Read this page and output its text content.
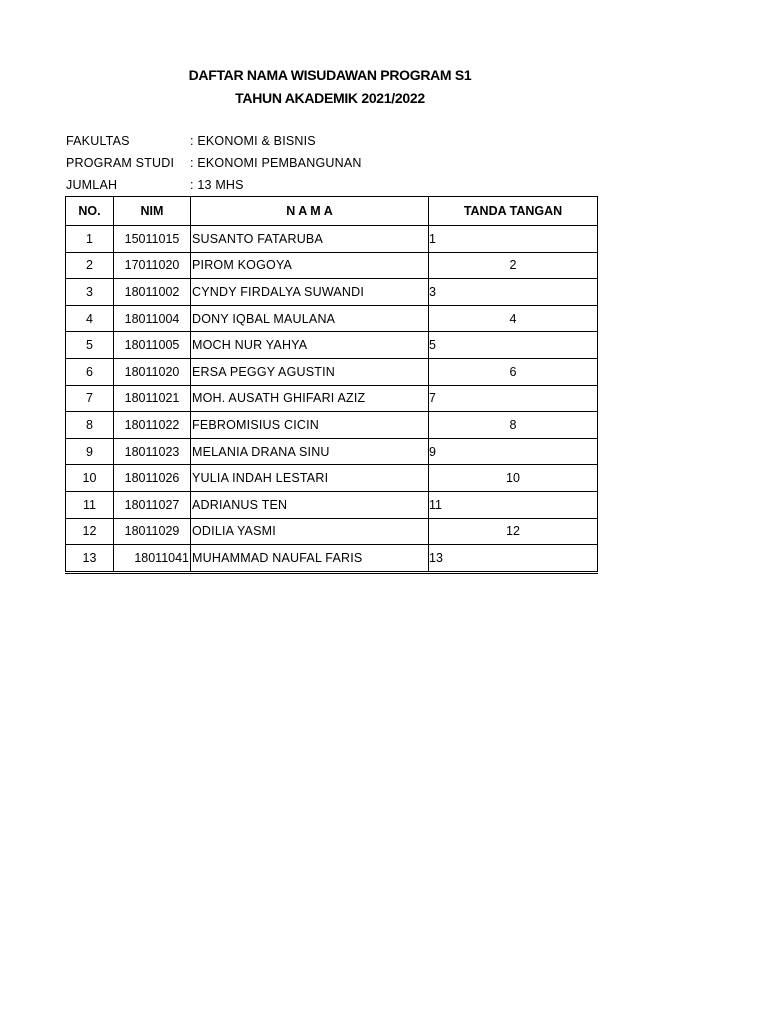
DAFTAR NAMA WISUDAWAN PROGRAM S1
TAHUN AKADEMIK 2021/2022
FAKULTAS	: EKONOMI & BISNIS
PROGRAM STUDI : EKONOMI PEMBANGUNAN
JUMLAH	: 13 MHS
NO.	NIM	N A M A	TANDA TANGAN
1	15011015	SUSANTO FATARUBA	1
2	17011020	PIROM KOGOYA	2
3	18011002	CYNDY FIRDALYA SUWANDI	3
4	18011004	DONY IQBAL MAULANA	4
5	18011005	MOCH NUR YAHYA	5
6	18011020	ERSA PEGGY AGUSTIN	6
7	18011021	MOH. AUSATH GHIFARI AZIZ	7
8	18011022	FEBROMISIUS CICIN	8
9	18011023	MELANIA DRANA SINU	9
10	18011026	YULIA INDAH LESTARI	10
11	18011027	ADRIANUS TEN	11
12	18011029	ODILIA YASMI	12
13	18011041	MUHAMMAD NAUFAL FARIS	13
